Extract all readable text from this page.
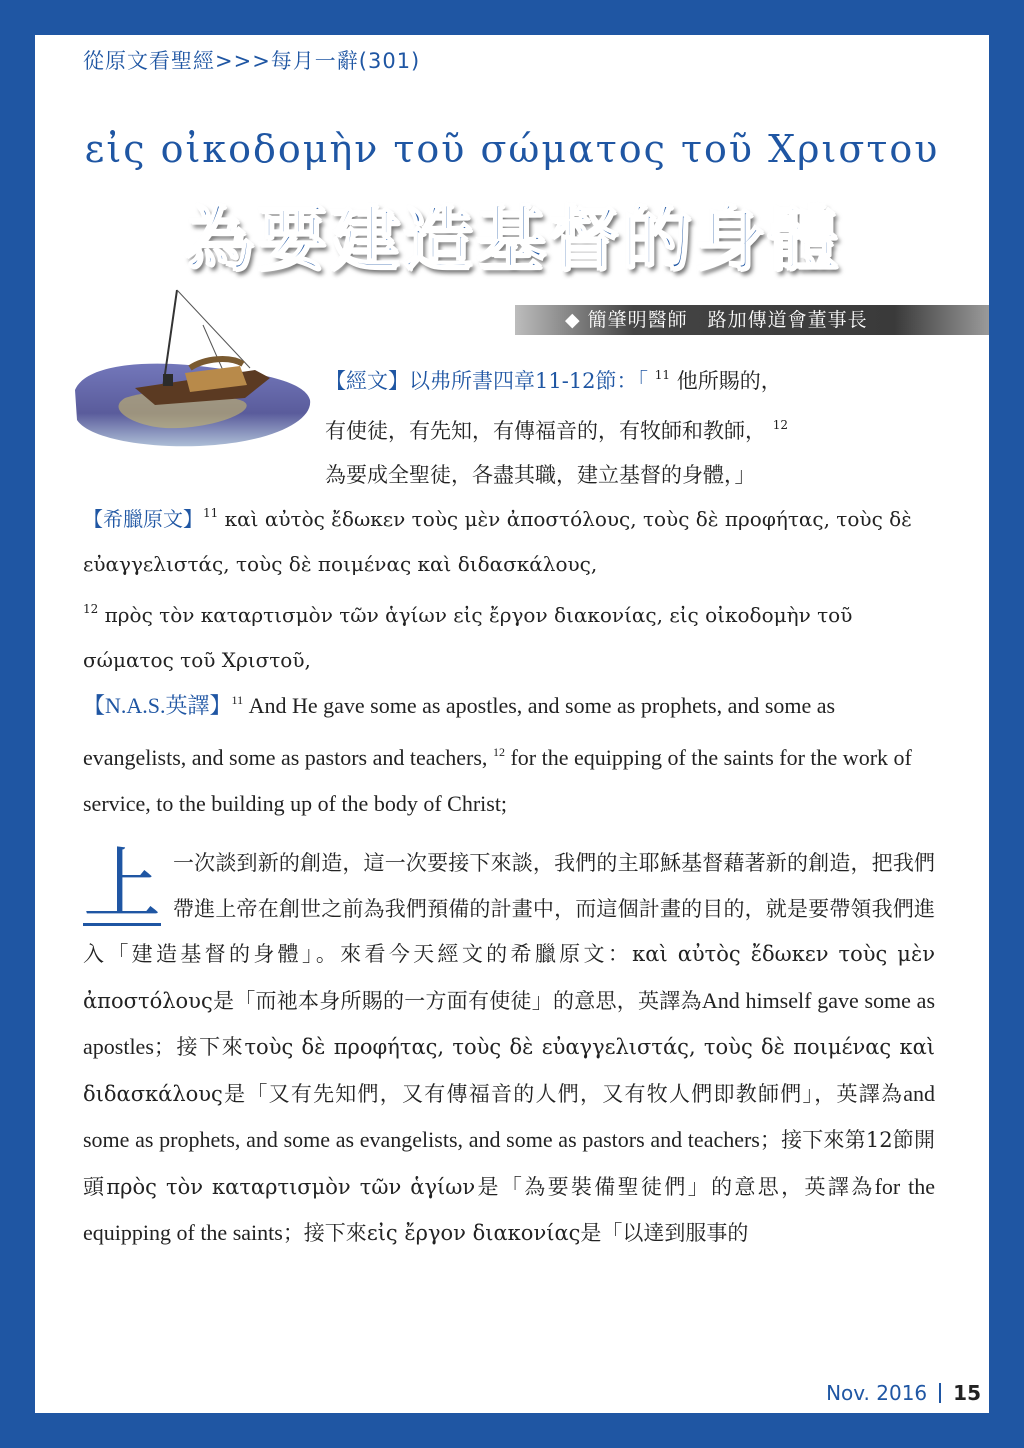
從原文看聖經>>>每月一辭(301)
εἰς οἰκοδομὴν τοῦ σώματος τοῦ Χριστου
為要建造基督的身體
◆ 簡肇明醫師　路加傳道會董事長
【經文】以弗所書四章11-12節：「 $^{11}$ 他所賜的，
有使徒，有先知，有傳福音的，有牧師和教師， $^{12}$
為要成全聖徒，各盡其職，建立基督的身體，」
【希臘原文】$^{11}$ καὶ αὐτὸς ἔδωκεν τοὺς μὲν ἀποστόλους, τοὺς δὲ προφήτας, τοὺς δὲ εὐαγγελιστάς, τοὺς δὲ ποιμένας καὶ διδασκάλους,
$^{12}$ πρὸς τὸν καταρτισμὸν τῶν ἁγίων εἰς ἔργον διακονίας, εἰς οἰκοδομὴν τοῦ σώματος τοῦ Χριστοῦ,
【N.A.S.英譯】$^{11}$ And He gave some as apostles, and some as prophets, and some as evangelists, and some as pastors and teachers, $^{12}$ for the equipping of the saints for the work of service, to the building up of the body of Christ;
上 一次談到新的創造，這一次要接下來談，我們的主耶穌基督藉著新的創造，把我們帶進上帝在創世之前為我們預備的計畫中，而這個計畫的目的，就是要帶領我們進入「建造基督的身體」。來看今天經文的希臘原文：καὶ αὐτὸς ἔδωκεν τοὺς μὲν ἀποστόλους是「而祂本身所賜的一方面有使徒」的意思，英譯為And himself gave some as apostles；接下來τοὺς δὲ προφήτας, τοὺς δὲ εὐαγγελιστάς, τοὺς δὲ ποιμένας καὶ διδασκάλους是「又有先知們，又有傳福音的人們，又有牧人們即教師們」，英譯為and some as prophets, and some as evangelists, and some as pastors and teachers；接下來第12節開頭πρὸς τὸν καταρτισμὸν τῶν ἁγίων是「為要裝備聖徒們」的意思，英譯為for the equipping of the saints；接下來εἰς ἔργον διακονίας是「以達到服事的
Nov. 2016 15
